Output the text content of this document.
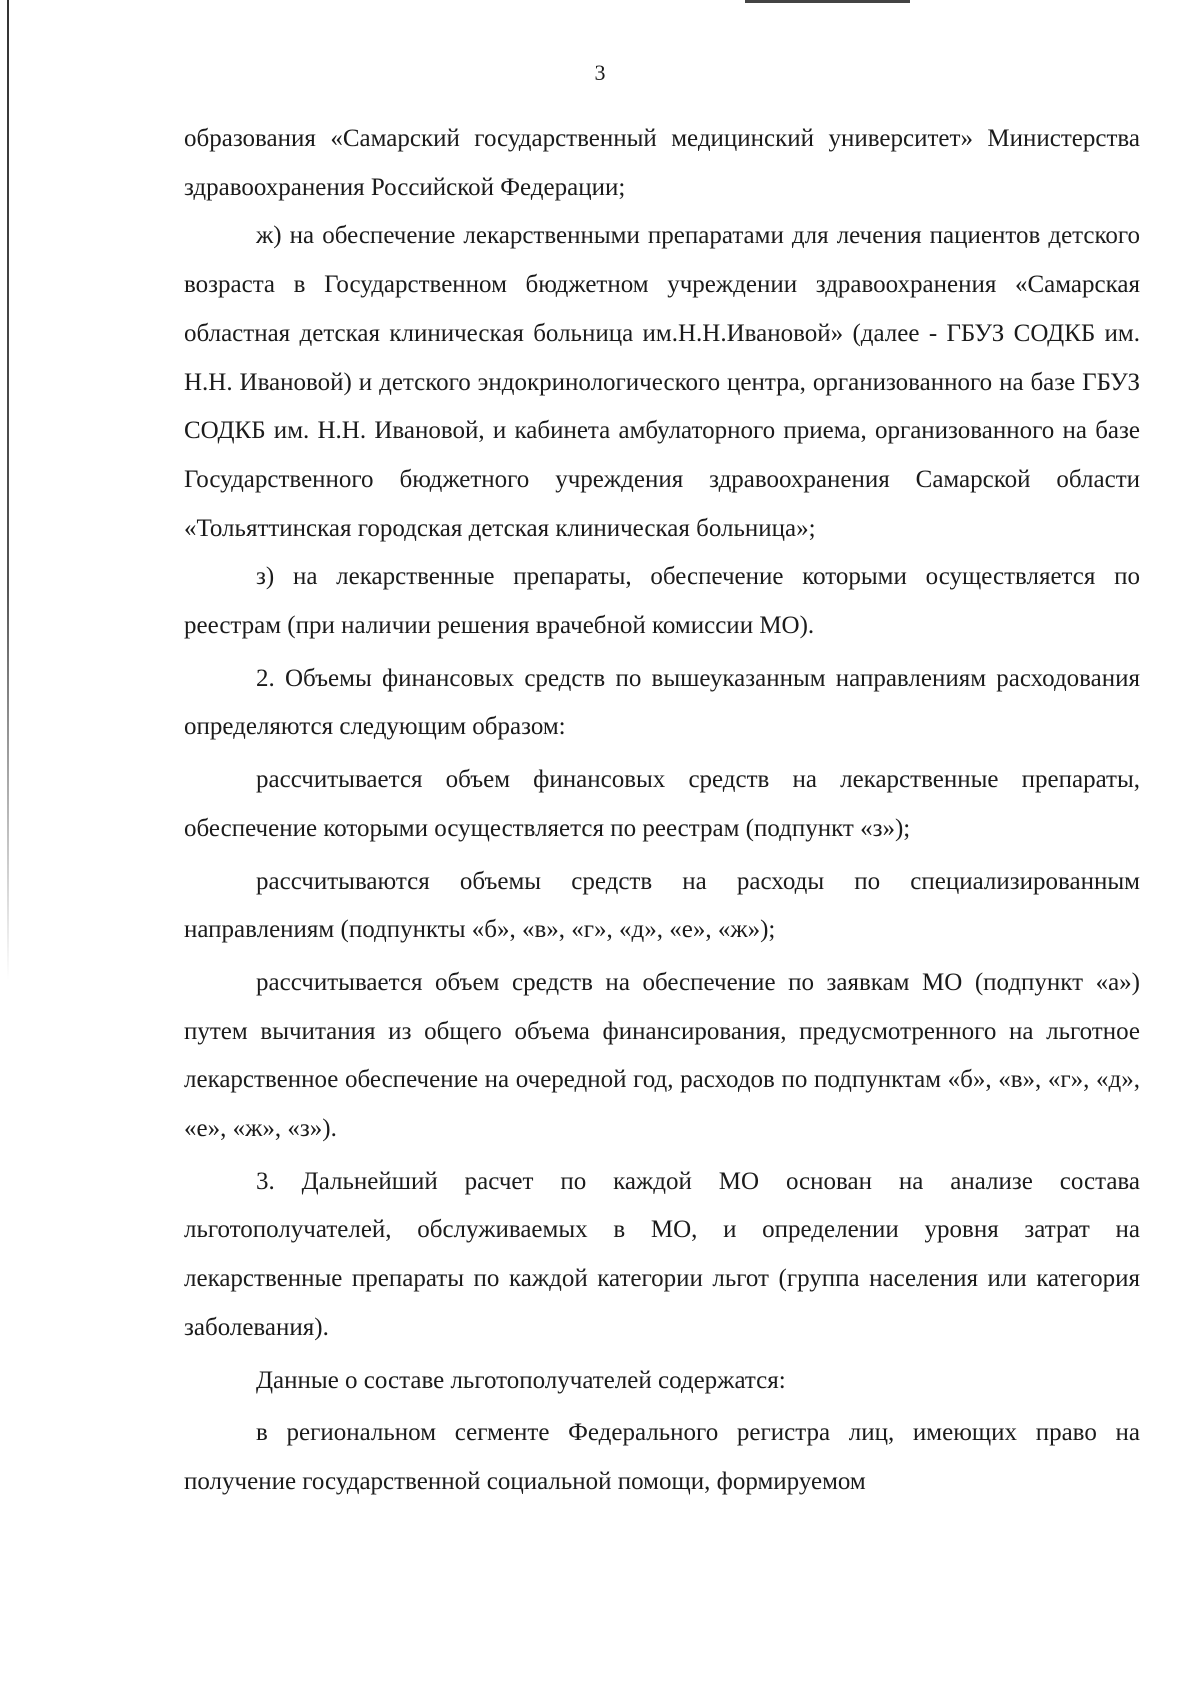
3

образования «Самарский государственный медицинский университет» Министерства здравоохранения Российской Федерации;

ж) на обеспечение лекарственными препаратами для лечения пациентов детского возраста в Государственном бюджетном учреждении здравоохранения «Самарская областная детская клиническая больница им.Н.Н.Ивановой» (далее - ГБУЗ СОДКБ им. Н.Н. Ивановой) и детского эндокринологического центра, организованного на базе ГБУЗ СОДКБ им. Н.Н. Ивановой, и кабинета амбулаторного приема, организованного на базе Государственного бюджетного учреждения здравоохранения Самарской области «Тольяттинская городская детская клиническая больница»;

з) на лекарственные препараты, обеспечение которыми осуществляется по реестрам (при наличии решения врачебной комиссии МО).

2. Объемы финансовых средств по вышеуказанным направлениям расходования определяются следующим образом:

рассчитывается объем финансовых средств на лекарственные препараты, обеспечение которыми осуществляется по реестрам (подпункт «з»);

рассчитываются объемы средств на расходы по специализированным направлениям (подпункты «б», «в», «г», «д», «е», «ж»);

рассчитывается объем средств на обеспечение по заявкам МО (подпункт «а») путем вычитания из общего объема финансирования, предусмотренного на льготное лекарственное обеспечение на очередной год, расходов по подпунктам «б», «в», «г», «д», «е», «ж», «з»).

3. Дальнейший расчет по каждой МО основан на анализе состава льготополучателей, обслуживаемых в МО, и определении уровня затрат на лекарственные препараты по каждой категории льгот (группа населения или категория заболевания).

Данные о составе льготополучателей содержатся:

в региональном сегменте Федерального регистра лиц, имеющих право на получение государственной социальной помощи, формируемом
